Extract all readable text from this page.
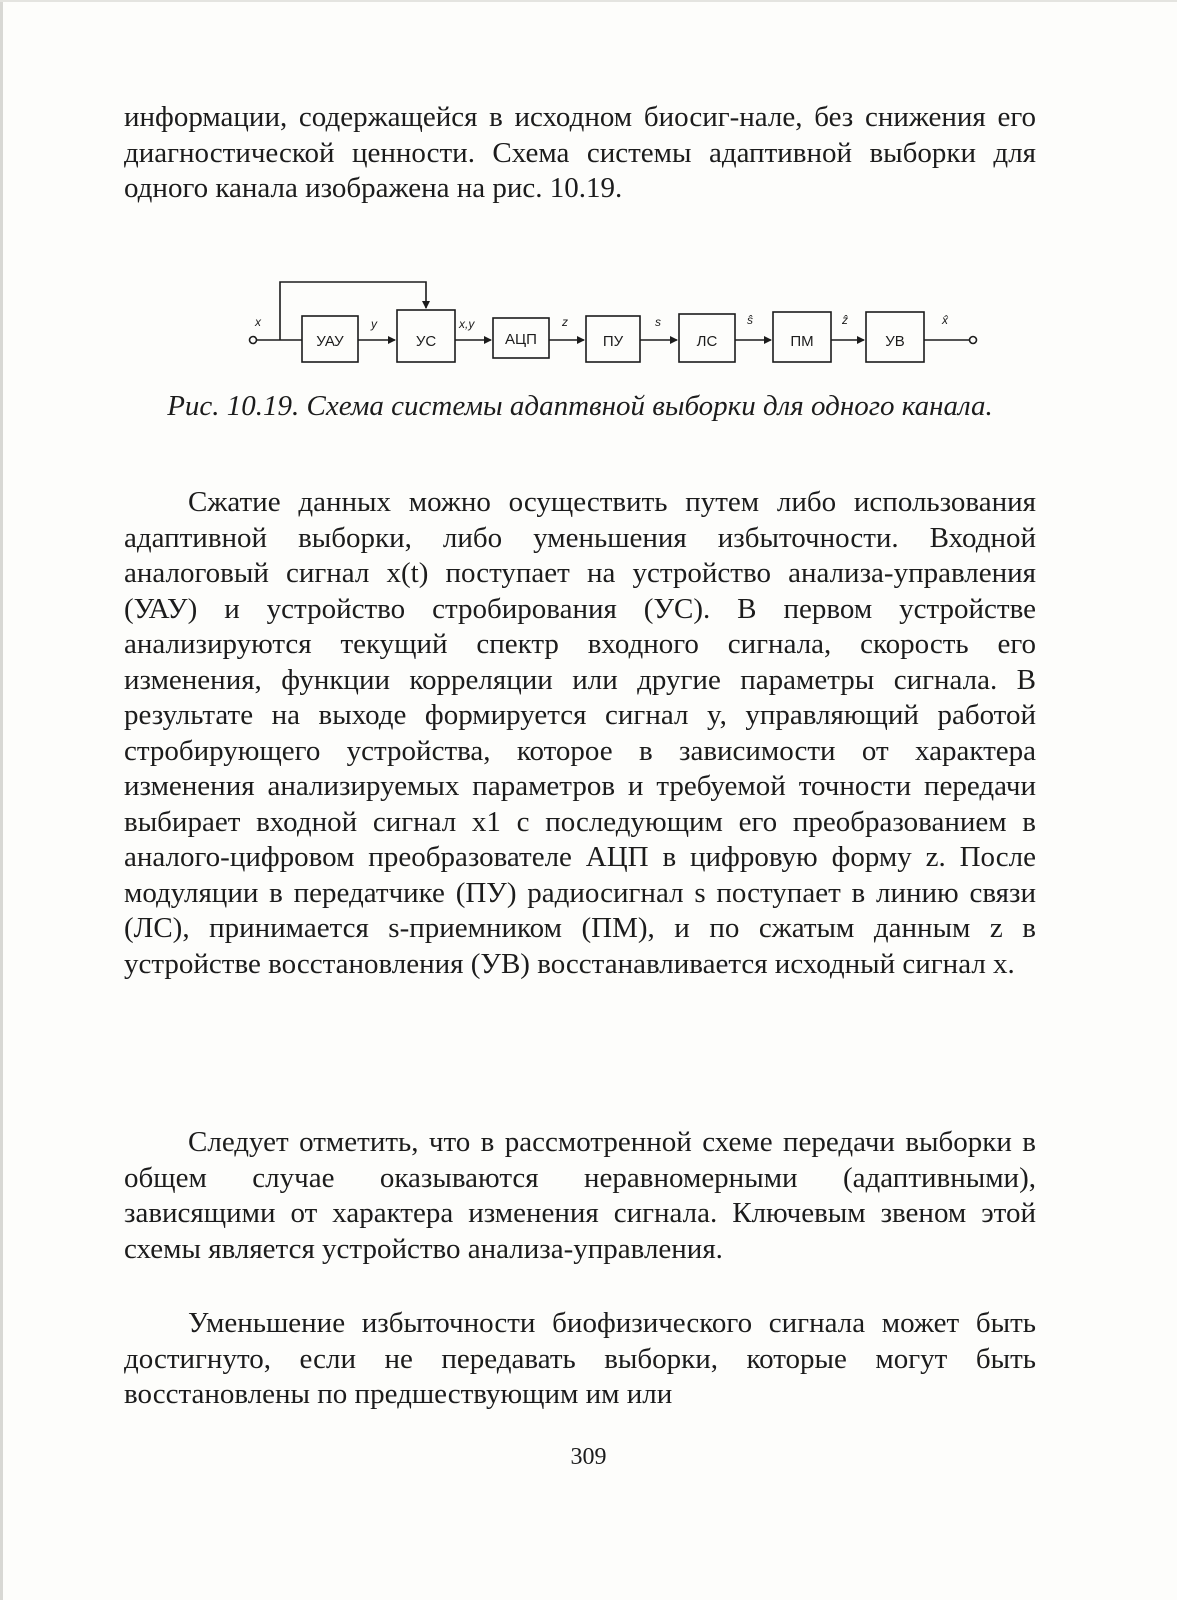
информации, содержащейся в исходном биосиг-нале, без снижения его диагностической ценности. Схема системы адаптивной выборки для одного канала изображена на рис. 10.19.

x
УАУ
y
УС
x,y
АЦП
z
ПУ
s
ЛС
ŝ
ПМ
ẑ
УВ
x̂
Рис. 10.19. Схема системы адаптвной выборки для одного канала.

Сжатие данных можно осуществить путем либо использования адаптивной выборки, либо уменьшения избыточности. Входной аналоговый сигнал x(t) поступает на устройство анализа-управления (УАУ) и устройство стробирования (УС). В первом устройстве анализируются текущий спектр входного сигнала, скорость его изменения, функции корреляции или другие параметры сигнала. В результате на выходе формируется сигнал y, управляющий работой стробирующего устройства, которое в зависимости от характера изменения анализируемых параметров и требуемой точности передачи выбирает входной сигнал x1 с последующим его преобразованием в аналого-цифровом преобразователе АЦП в цифровую форму z. После модуляции в передатчике (ПУ) радиосигнал s поступает в линию связи (ЛС), принимается s-приемником (ПМ), и по сжатым данным z в устройстве восстановления (УВ) восстанавливается исходный сигнал x.

Следует отметить, что в рассмотренной схеме передачи выборки в общем случае оказываются неравномерными (адаптивными), зависящими от характера изменения сигнала. Ключевым звеном этой схемы является устройство анализа-управления.

Уменьшение избыточности биофизического сигнала может быть достигнуто, если не передавать выборки, которые могут быть восстановлены по предшествующим им или

309
